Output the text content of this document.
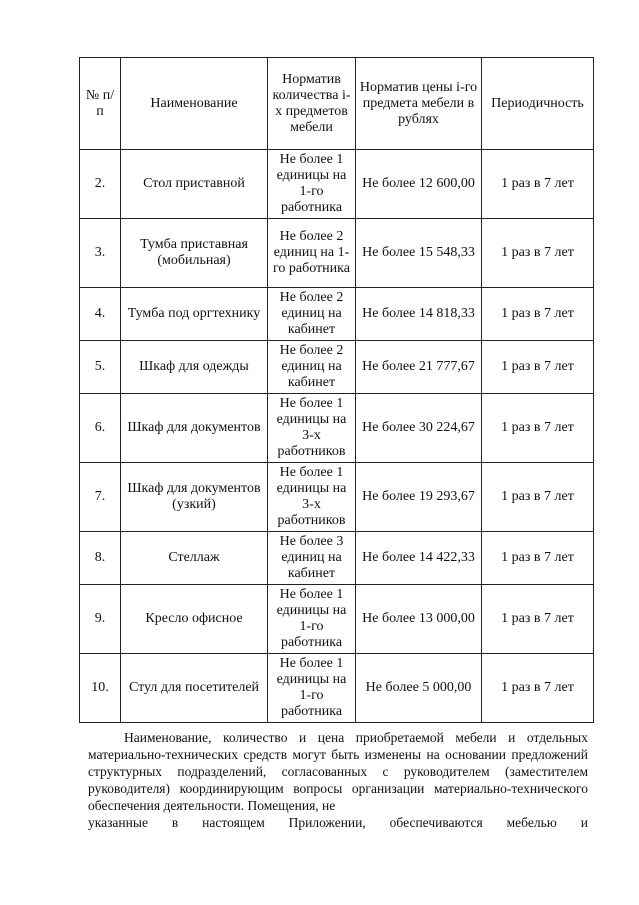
№ п/п	Наименование	Норматив количества i-х предметов мебели	Норматив цены i-го предмета мебели в рублях	Периодичность

2.	Стол приставной	Не более 1 единицы на 1-го работника	Не более 12 600,00	1 раз в 7 лет

3.	Тумба приставная (мобильная)	Не более 2 единиц на 1-го работника	Не более 15 548,33	1 раз в 7 лет

4.	Тумба под оргтехнику	Не более 2 единиц на кабинет	Не более 14 818,33	1 раз в 7 лет

5.	Шкаф для одежды	Не более 2 единиц на кабинет	Не более 21 777,67	1 раз в 7 лет

6.	Шкаф для документов	Не более 1 единицы на 3-х работников	Не более 30 224,67	1 раз в 7 лет

7.	Шкаф для документов (узкий)	Не более 1 единицы на 3-х работников	Не более 19 293,67	1 раз в 7 лет

8.	Стеллаж	Не более 3 единиц на кабинет	Не более 14 422,33	1 раз в 7 лет

9.	Кресло офисное	Не более 1 единицы на 1-го работника	Не более 13 000,00	1 раз в 7 лет

10.	Стул для посетителей	Не более 1 единицы на 1-го работника	Не более 5 000,00	1 раз в 7 лет

Наименование, количество и цена приобретаемой мебели и отдельных материально-технических средств могут быть изменены на основании предложений структурных подразделений, согласованных с руководителем (заместителем руководителя) координирующим вопросы организации материально-технического обеспечения деятельности. Помещения, не

указанные в настоящем Приложении, обеспечиваются мебелью и
